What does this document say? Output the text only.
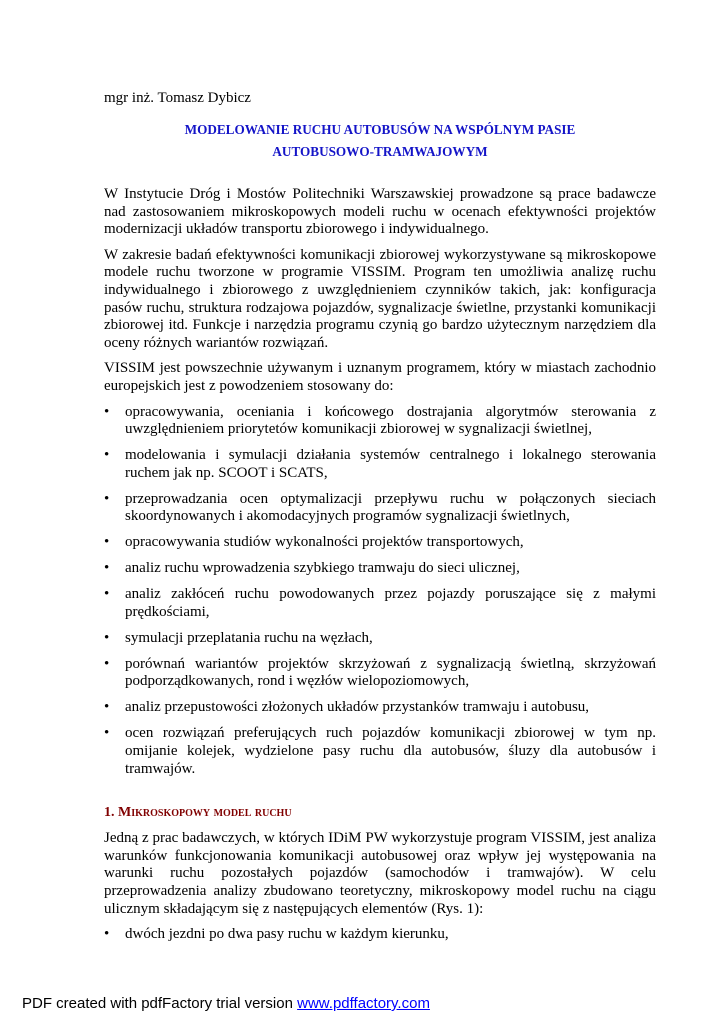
mgr inż. Tomasz Dybicz
MODELOWANIE RUCHU AUTOBUSÓW NA WSPÓLNYM PASIE
AUTOBUSOWO-TRAMWAJOWYM

W Instytucie Dróg i Mostów Politechniki Warszawskiej prowadzone są prace badawcze nad zastosowaniem mikroskopowych modeli ruchu w ocenach efektywności projektów modernizacji układów transportu zbiorowego i indywidualnego.

W zakresie badań efektywności komunikacji zbiorowej wykorzystywane są mikroskopowe modele ruchu tworzone w programie VISSIM. Program ten umożliwia analizę ruchu indywidualnego i zbiorowego z uwzględnieniem czynników takich, jak: konfiguracja pasów ruchu, struktura rodzajowa pojazdów, sygnalizacje świetlne, przystanki komunikacji zbiorowej itd. Funkcje i narzędzia programu czynią go bardzo użytecznym narzędziem dla oceny różnych wariantów rozwiązań.

VISSIM jest powszechnie używanym i uznanym programem, który w miastach zachodnio europejskich jest z powodzeniem stosowany do:

• opracowywania, oceniania i końcowego dostrajania algorytmów sterowania z uwzględnieniem priorytetów komunikacji zbiorowej w sygnalizacji świetlnej,
• modelowania i symulacji działania systemów centralnego i lokalnego sterowania ruchem jak np. SCOOT i SCATS,
• przeprowadzania ocen optymalizacji przepływu ruchu w połączonych sieciach skoordynowanych i akomodacyjnych programów sygnalizacji świetlnych,
• opracowywania studiów wykonalności projektów transportowych,
• analiz ruchu wprowadzenia szybkiego tramwaju do sieci ulicznej,
• analiz zakłóceń ruchu powodowanych przez pojazdy poruszające się z małymi prędkościami,
• symulacji przeplatania ruchu na węzłach,
• porównań wariantów projektów skrzyżowań z sygnalizacją świetlną, skrzyżowań podporządkowanych, rond i węzłów wielopoziomowych,
• analiz przepustowości złożonych układów przystanków tramwaju i autobusu,
• ocen rozwiązań preferujących ruch pojazdów komunikacji zbiorowej w tym np. omijanie kolejek, wydzielone pasy ruchu dla autobusów, śluzy dla autobusów i tramwajów.
1. Mikroskopowy model ruchu

Jedną z prac badawczych, w których IDiM PW wykorzystuje program VISSIM, jest analiza warunków funkcjonowania komunikacji autobusowej oraz wpływ jej występowania na warunki ruchu pozostałych pojazdów (samochodów i tramwajów). W celu przeprowadzenia analizy zbudowano teoretyczny, mikroskopowy model ruchu na ciągu ulicznym składającym się z następujących elementów (Rys. 1):

• dwóch jezdni po dwa pasy ruchu w każdym kierunku,
PDF created with pdfFactory trial version www.pdffactory.com
